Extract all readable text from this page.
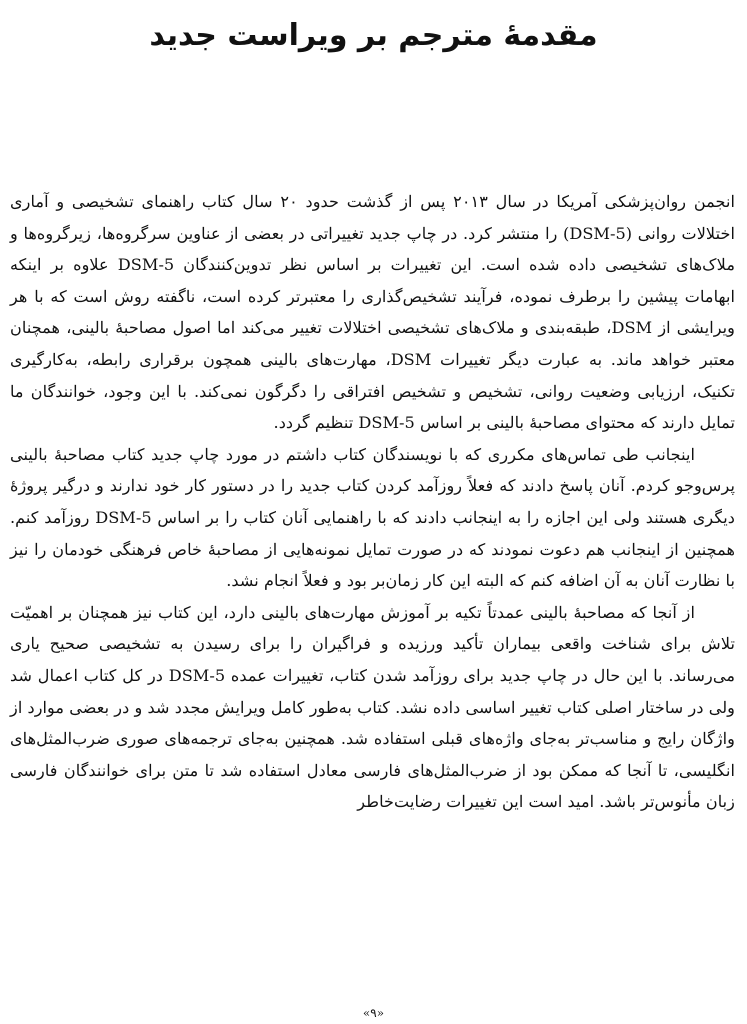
مقدمهٔ مترجم بر ویراست جدید

انجمن روان‌پزشکی آمریکا در سال ۲۰۱۳ پس از گذشت حدود ۲۰ سال کتاب راهنمای تشخیصی و آماری اختلالات روانی (DSM-5) را منتشر کرد. در چاپ جدید تغییراتی در بعضی از عناوین سرگروه‌ها، زیرگروه‌ها و ملاک‌های تشخیصی داده شده است. این تغییرات بر اساس نظر تدوین‌کنندگان DSM-5 علاوه بر اینکه ابهامات پیشین را برطرف نموده، فرآیند تشخیص‌گذاری را معتبرتر کرده است، ناگفته روش است که با هر ویرایشی از DSM، طبقه‌بندی و ملاک‌های تشخیصی اختلالات تغییر می‌کند اما اصول مصاحبهٔ بالینی، همچنان معتبر خواهد ماند. به عبارت دیگر تغییرات DSM، مهارت‌های بالینی همچون برقراری رابطه، به‌کارگیری تکنیک، ارزیابی وضعیت روانی، تشخیص و تشخیص افتراقی را دگرگون نمی‌کند. با این وجود، خوانندگان ما تمایل دارند که محتوای مصاحبهٔ بالینی بر اساس DSM-5 تنظیم گردد.

اینجانب طی تماس‌های مکرری که با نویسندگان کتاب داشتم در مورد چاپ جدید کتاب مصاحبهٔ بالینی پرس‌وجو کردم. آنان پاسخ دادند که فعلاً روزآمد کردن کتاب جدید را در دستور کار خود ندارند و درگیر پروژهٔ دیگری هستند ولی این اجازه را به اینجانب دادند که با راهنمایی آنان کتاب را بر اساس DSM-5 روزآمد کنم. همچنین از اینجانب هم دعوت نمودند که در صورت تمایل نمونه‌هایی از مصاحبهٔ خاص فرهنگی خودمان را نیز با نظارت آنان به آن اضافه کنم که البته این کار زمان‌بر بود و فعلاً انجام نشد.

از آنجا که مصاحبهٔ بالینی عمدتاً تکیه بر آموزش مهارت‌های بالینی دارد، این کتاب نیز همچنان بر اهمیّت تلاش برای شناخت واقعی بیماران تأکید ورزیده و فراگیران را برای رسیدن به تشخیصی صحیح یاری می‌رساند. با این حال در چاپ جدید برای روزآمد شدن کتاب، تغییرات عمده DSM-5 در کل کتاب اعمال شد ولی در ساختار اصلی کتاب تغییر اساسی داده نشد. کتاب به‌طور کامل ویرایش مجدد شد و در بعضی موارد از واژگان رایج و مناسب‌تر به‌جای واژه‌های قبلی استفاده شد. همچنین به‌جای ترجمه‌های صوری ضرب‌المثل‌های انگلیسی، تا آنجا که ممکن بود از ضرب‌المثل‌های فارسی معادل استفاده شد تا متن برای خوانندگان فارسی زبان مأنوس‌تر باشد. امید است این تغییرات رضایت‌خاطر

«۹»
